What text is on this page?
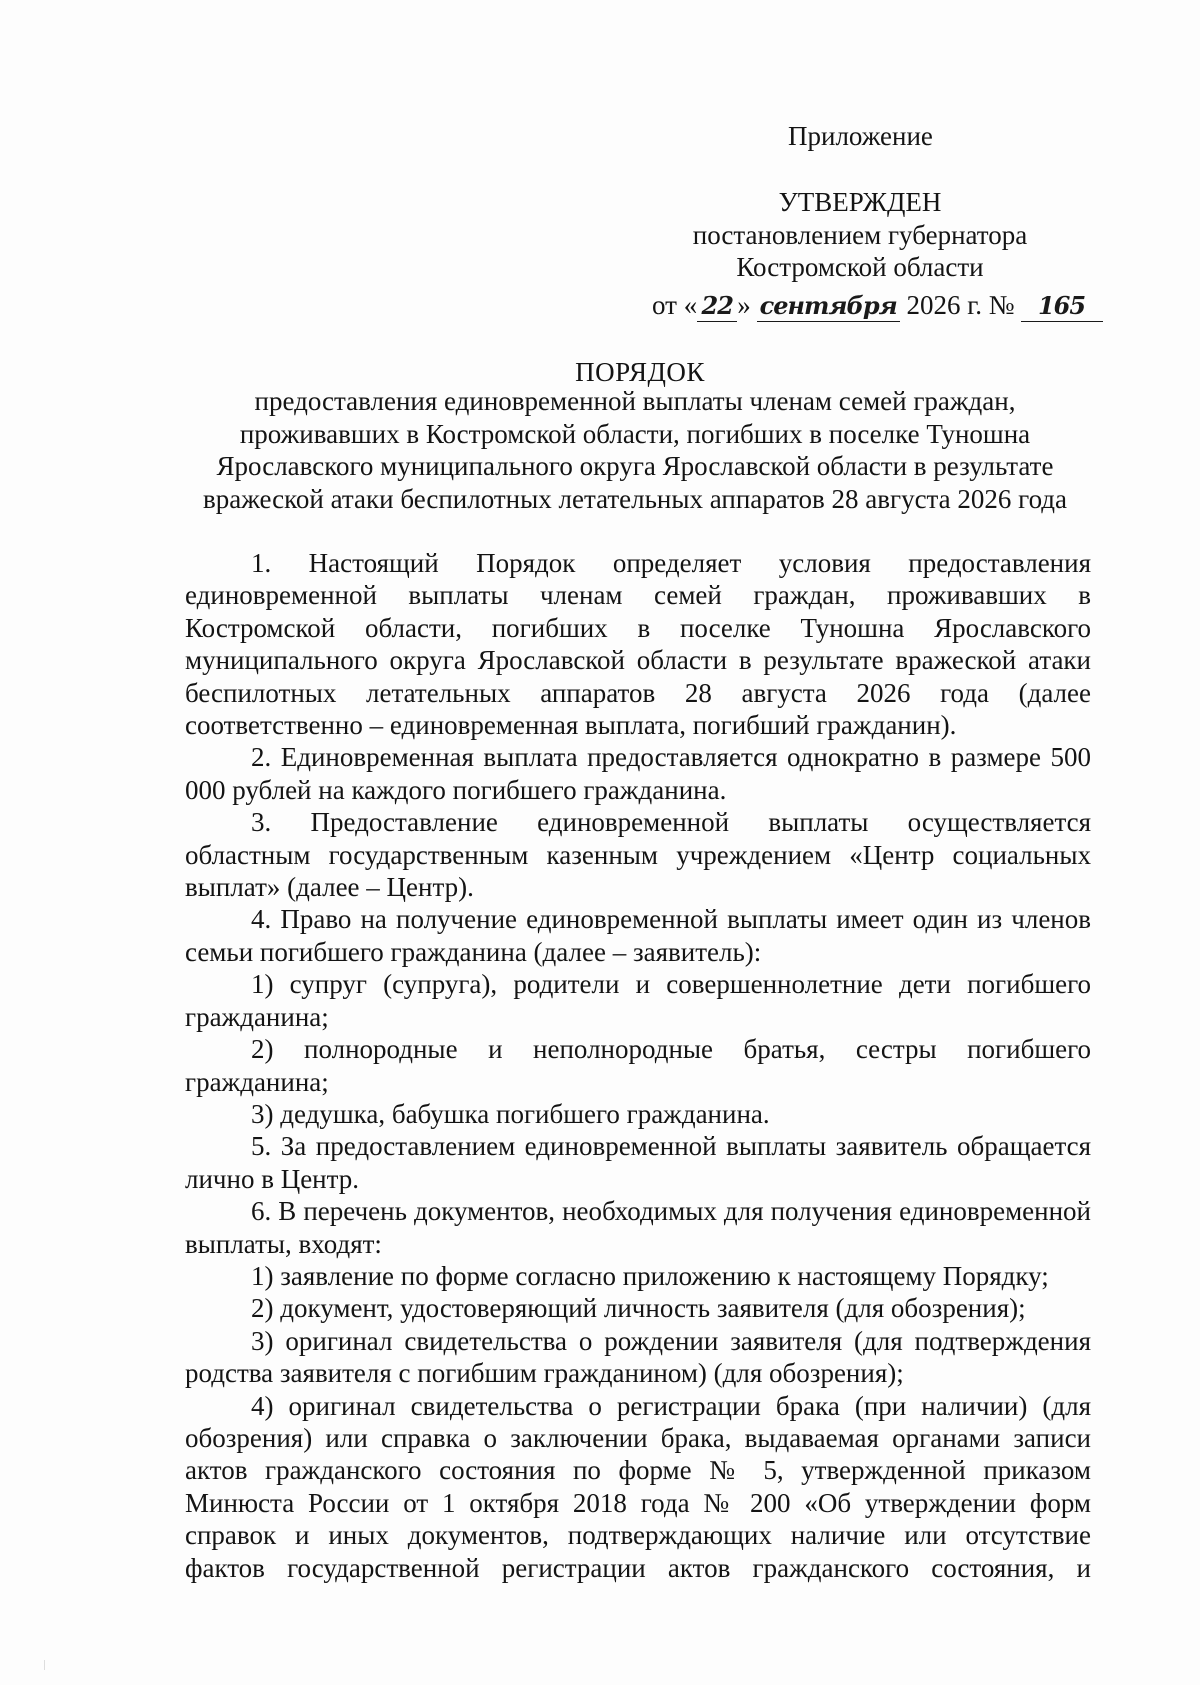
Приложение
УТВЕРЖДЕН
постановлением губернатора
Костромской области
от « 22 » сентября 2026 г. № 165
ПОРЯДОК
предоставления единовременной выплаты членам семей граждан,
проживавших в Костромской области, погибших в поселке Туношна
Ярославского муниципального округа Ярославской области в результате
вражеской атаки беспилотных летательных аппаратов 28 августа 2026 года

1. Настоящий Порядок определяет условия предоставления единовременной выплаты членам семей граждан, проживавших в Костромской области, погибших в поселке Туношна Ярославского муниципального округа Ярославской области в результате вражеской атаки беспилотных летательных аппаратов 28 августа 2026 года (далее соответственно – единовременная выплата, погибший гражданин).

2. Единовременная выплата предоставляется однократно в размере 500 000 рублей на каждого погибшего гражданина.

3. Предоставление единовременной выплаты осуществляется областным государственным казенным учреждением «Центр социальных выплат» (далее – Центр).

4. Право на получение единовременной выплаты имеет один из членов семьи погибшего гражданина (далее – заявитель):

1) супруг (супруга), родители и совершеннолетние дети погибшего гражданина;

2) полнородные и неполнородные братья, сестры погибшего гражданина;

3) дедушка, бабушка погибшего гражданина.

5. За предоставлением единовременной выплаты заявитель обращается лично в Центр.

6. В перечень документов, необходимых для получения единовременной выплаты, входят:

1) заявление по форме согласно приложению к настоящему Порядку;

2) документ, удостоверяющий личность заявителя (для обозрения);

3) оригинал свидетельства о рождении заявителя (для подтверждения родства заявителя с погибшим гражданином) (для обозрения);

4) оригинал свидетельства о регистрации брака (при наличии) (для обозрения) или справка о заключении брака, выдаваемая органами записи актов гражданского состояния по форме № 5, утвержденной приказом Минюста России от 1 октября 2018 года № 200 «Об утверждении форм справок и иных документов, подтверждающих наличие или отсутствие фактов государственной регистрации актов гражданского состояния, и
